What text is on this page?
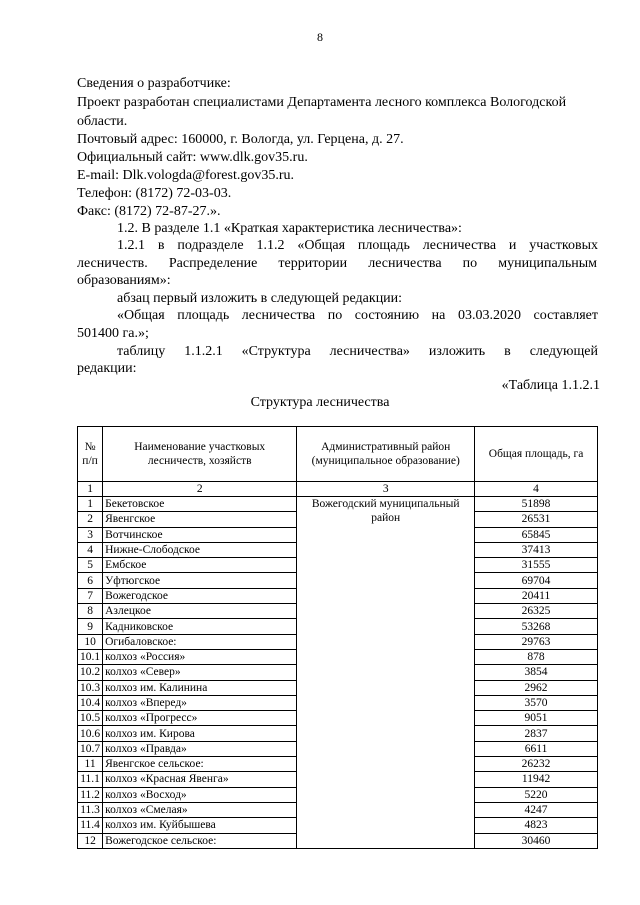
8
Сведения о разработчике:
Проект разработан специалистами Департамента лесного комплекса Вологодской
области.
Почтовый адрес: 160000, г. Вологда, ул. Герцена, д. 27.
Официальный сайт: www.dlk.gov35.ru.
E-mail: Dlk.vologda@forest.gov35.ru.
Телефон: (8172) 72-03-03.
Факс: (8172) 72-87-27.».
1.2. В разделе 1.1 «Краткая характеристика лесничества»:
1.2.1 в подразделе 1.1.2 «Общая площадь лесничества и участковых
лесничеств. Распределение территории лесничества по муниципальным
образованиям»:
абзац первый изложить в следующей редакции:
«Общая площадь лесничества по состоянию на 03.03.2020 составляет
501400 га.»;
таблицу 1.1.2.1 «Структура лесничества» изложить в следующей
редакции:
«Таблица 1.1.2.1
Структура лесничества
№ п/п	Наименование участковых лесничеств, хозяйств	Административный район (муниципальное образование)	Общая площадь, га
1	2	3	4
1	Бекетовское	Вожегодский муниципальный район	51898
2	Явенгское		26531
3	Вотчинское		65845
4	Нижне-Слободское		37413
5	Ембское		31555
6	Уфтюгское		69704
7	Вожегодское		20411
8	Азлецкое		26325
9	Кадниковское		53268
10	Огибаловское:		29763
10.1	колхоз «Россия»		878
10.2	колхоз «Север»		3854
10.3	колхоз им. Калинина		2962
10.4	колхоз «Вперед»		3570
10.5	колхоз «Прогресс»		9051
10.6	колхоз им. Кирова		2837
10.7	колхоз «Правда»		6611
11	Явенгское сельское:		26232
11.1	колхоз «Красная Явенга»		11942
11.2	колхоз «Восход»		5220
11.3	колхоз «Смелая»		4247
11.4	колхоз им. Куйбышева		4823
12	Вожегодское сельское:		30460
